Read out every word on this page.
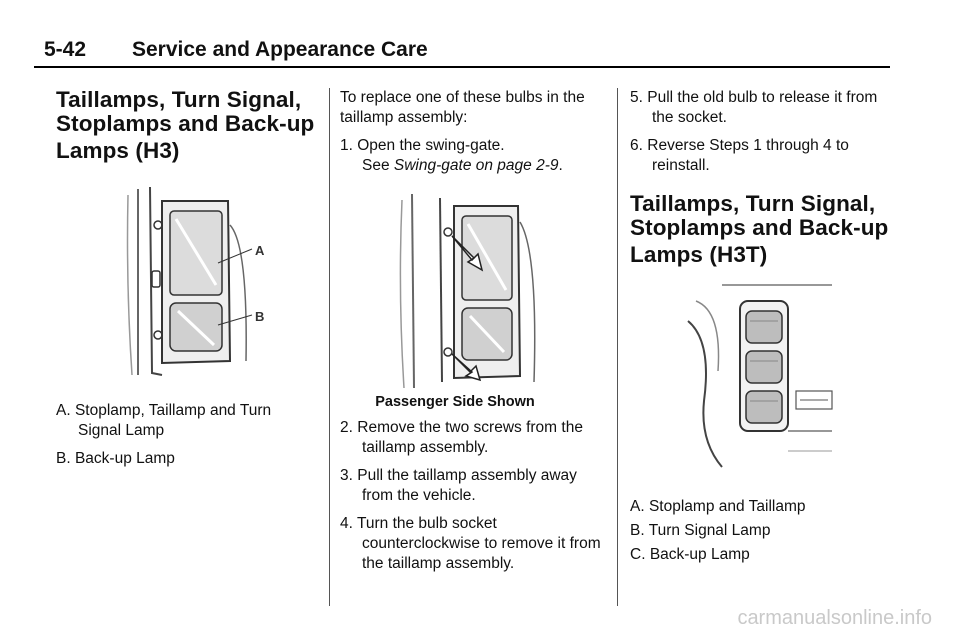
5-42 Service and Appearance Care
Taillamps, Turn Signal,
Stoplamps and Back-up
Lamps (H3)
A
B

A. Stoplamp, Taillamp and Turn Signal Lamp

B. Back-up Lamp

To replace one of these bulbs in the taillamp assembly:

1. Open the swing-gate.
See Swing-gate on page 2-9.

Passenger Side Shown

2. Remove the two screws from the taillamp assembly.

3. Pull the taillamp assembly away from the vehicle.

4. Turn the bulb socket counterclockwise to remove it from the taillamp assembly.

5. Pull the old bulb to release it from the socket.

6. Reverse Steps 1 through 4 to reinstall.

Taillamps, Turn Signal,
Stoplamps and Back-up
Lamps (H3T)

A. Stoplamp and Taillamp

B. Turn Signal Lamp

C. Back-up Lamp

carmanualsonline.info
